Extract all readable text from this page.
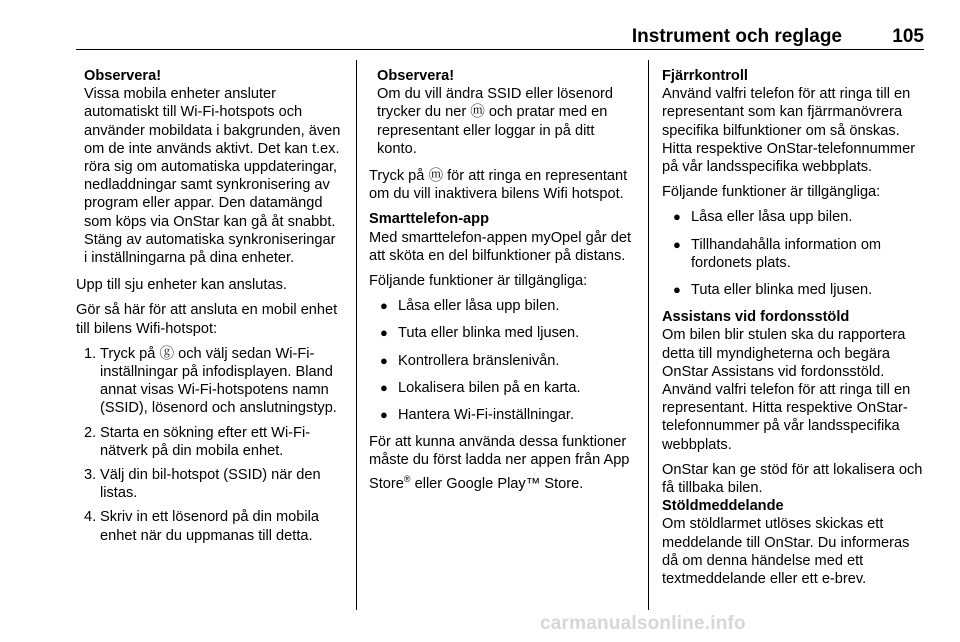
Instrument och reglage	105
Observera!
Vissa mobila enheter ansluter automatiskt till Wi-Fi-hotspots och använder mobildata i bakgrunden, även om de inte används aktivt. Det kan t.ex. röra sig om automatiska uppdateringar, nedladdningar samt synkronisering av program eller appar. Den datamängd som köps via OnStar kan gå åt snabbt. Stäng av automatiska synkroniseringar i inställningarna på dina enheter.

Upp till sju enheter kan anslutas.

Gör så här för att ansluta en mobil enhet till bilens Wifi-hotspot:

1. Tryck på ⓖ och välj sedan Wi-Fi-inställningar på infodisplayen. Bland annat visas Wi-Fi-hotspotens namn (SSID), lösenord och anslutningstyp.
2. Starta en sökning efter ett Wi-Fi-nätverk på din mobila enhet.
3. Välj din bil-hotspot (SSID) när den listas.
4. Skriv in ett lösenord på din mobila enhet när du uppmanas till detta.
Observera!
Om du vill ändra SSID eller lösenord trycker du ner ⓜ och pratar med en representant eller loggar in på ditt konto.

Tryck på ⓜ för att ringa en representant om du vill inaktivera bilens Wifi hotspot.

Smarttelefon-app

Med smarttelefon-appen myOpel går det att sköta en del bilfunktioner på distans.

Följande funktioner är tillgängliga:

● Låsa eller låsa upp bilen.
● Tuta eller blinka med ljusen.
● Kontrollera bränslenivån.
● Lokalisera bilen på en karta.
● Hantera Wi-Fi-inställningar.

För att kunna använda dessa funktioner måste du först ladda ner appen från App Store® eller Google Play™ Store.

Fjärrkontroll

Använd valfri telefon för att ringa till en representant som kan fjärrmanövrera specifika bilfunktioner om så önskas. Hitta respektive OnStar-telefonnummer på vår landsspecifika webbplats.

Följande funktioner är tillgängliga:

● Låsa eller låsa upp bilen.
● Tillhandahålla information om fordonets plats.
● Tuta eller blinka med ljusen.
Assistans vid fordonsstöld

Om bilen blir stulen ska du rapportera detta till myndigheterna och begära OnStar Assistans vid fordonsstöld. Använd valfri telefon för att ringa till en representant. Hitta respektive OnStar-telefonnummer på vår landsspecifika webbplats.

OnStar kan ge stöd för att lokalisera och få tillbaka bilen.

Stöldmeddelande

Om stöldlarmet utlöses skickas ett meddelande till OnStar. Du informeras då om denna händelse med ett textmeddelande eller ett e-brev.

carmanualsonline.info
